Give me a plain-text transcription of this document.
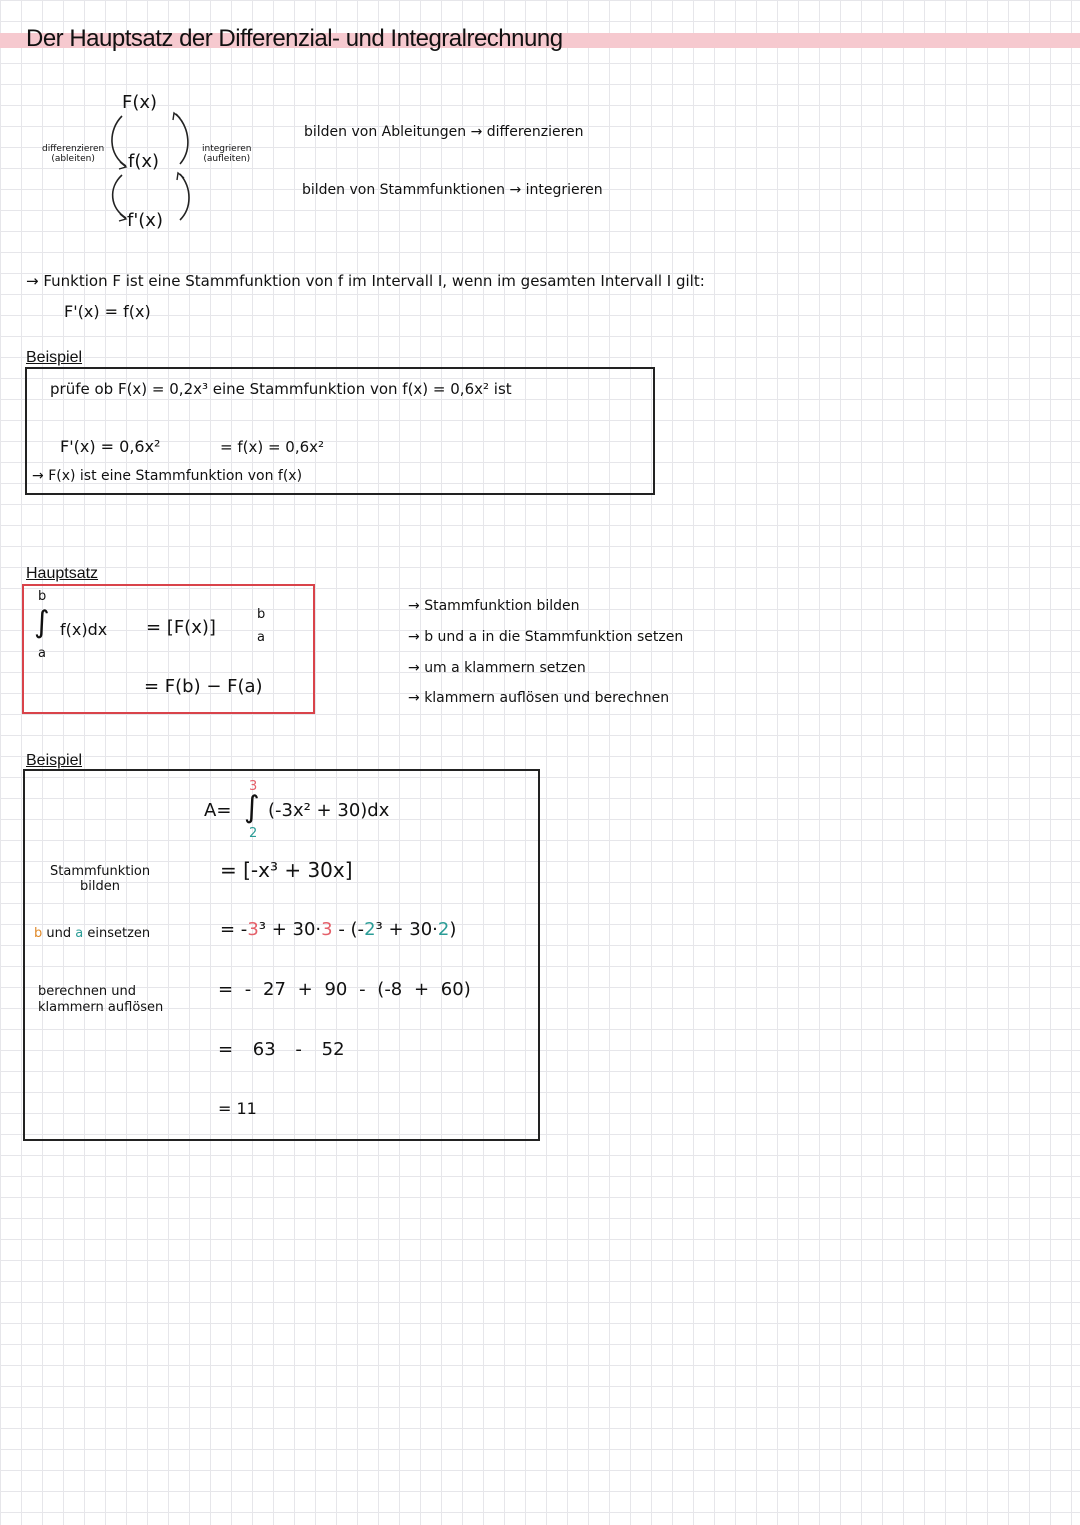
Der Hauptsatz der Differenzial- und Integralrechnung
F(x)
f(x)
f'(x)
differenzieren
(ableiten)
integrieren
(aufleiten)
bilden von Ableitungen → differenzieren
bilden von Stammfunktionen → integrieren
→ Funktion F ist eine Stammfunktion von f im Intervall I, wenn im gesamten Intervall I gilt:
F'(x) = f(x)
Beispiel
prüfe ob F(x) = 0,2x³ eine Stammfunktion von f(x) = 0,6x² ist
F'(x) = 0,6x²	= f(x) = 0,6x²
→ F(x) ist eine Stammfunktion von f(x)
Hauptsatz
b
∫
a
f(x)dx = [F(x)]
b
a
= F(b) − F(a)
→ Stammfunktion bilden
→ b und a in die Stammfunktion setzen
→ um a klammern setzen
→ klammern auflösen und berechnen
Beispiel
3
A= ∫
2
(-3x² + 30)dx
= [-x³ + 30x]
= -3³ + 30·3 - (-2³ + 30·2)
= - 27 + 90 - (-8 + 60)
= 63 - 52
= 11
Stammfunktion bilden
b und a einsetzen
berechnen und
klammern auflösen
